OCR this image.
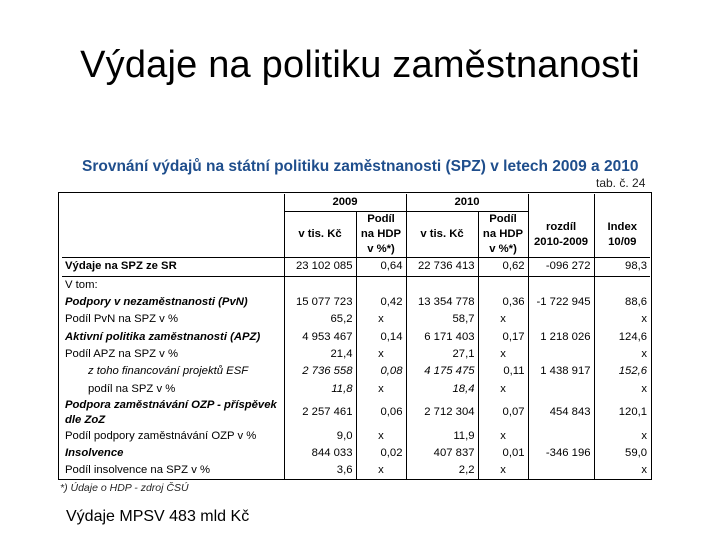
Výdaje na politiku zaměstnanosti
Srovnání výdajů na státní politiku zaměstnanosti (SPZ) v letech 2009 a 2010
tab. č. 24
	2009		2010			
	v tis. Kč	Podíl na HDP v %*)	v tis. Kč	Podíl na HDP v %*)	rozdíl 2010-2009	Index 10/09
Výdaje na SPZ ze SR	23 102 085	0,64	22 736 413	0,62	-096 272	98,3
V tom:						
Podpory v nezaměstnanosti (PvN)	15 077 723	0,42	13 354 778	0,36	-1 722 945	88,6
Podíl PvN na SPZ v %	65,2	x	58,7	x		x
Aktivní politika zaměstnanosti (APZ)	4 953 467	0,14	6 171 403	0,17	1 218 026	124,6
Podíl APZ na SPZ v %	21,4	x	27,1	x		x
z toho financování projektů ESF	2 736 558	0,08	4 175 475	0,11	1 438 917	152,6
podíl na SPZ v %	11,8	x	18,4	x		x
Podpora zaměstnávání OZP - příspěvek dle ZoZ	2 257 461	0,06	2 712 304	0,07	454 843	120,1
Podíl podpory zaměstnávání OZP v %	9,0	x	11,9	x		x
Insolvence	844 033	0,02	407 837	0,01	-346 196	59,0
Podíl insolvence na SPZ v %	3,6	x	2,2	x		x
*) Údaje o HDP - zdroj ČSÚ
Výdaje MPSV 483 mld Kč
